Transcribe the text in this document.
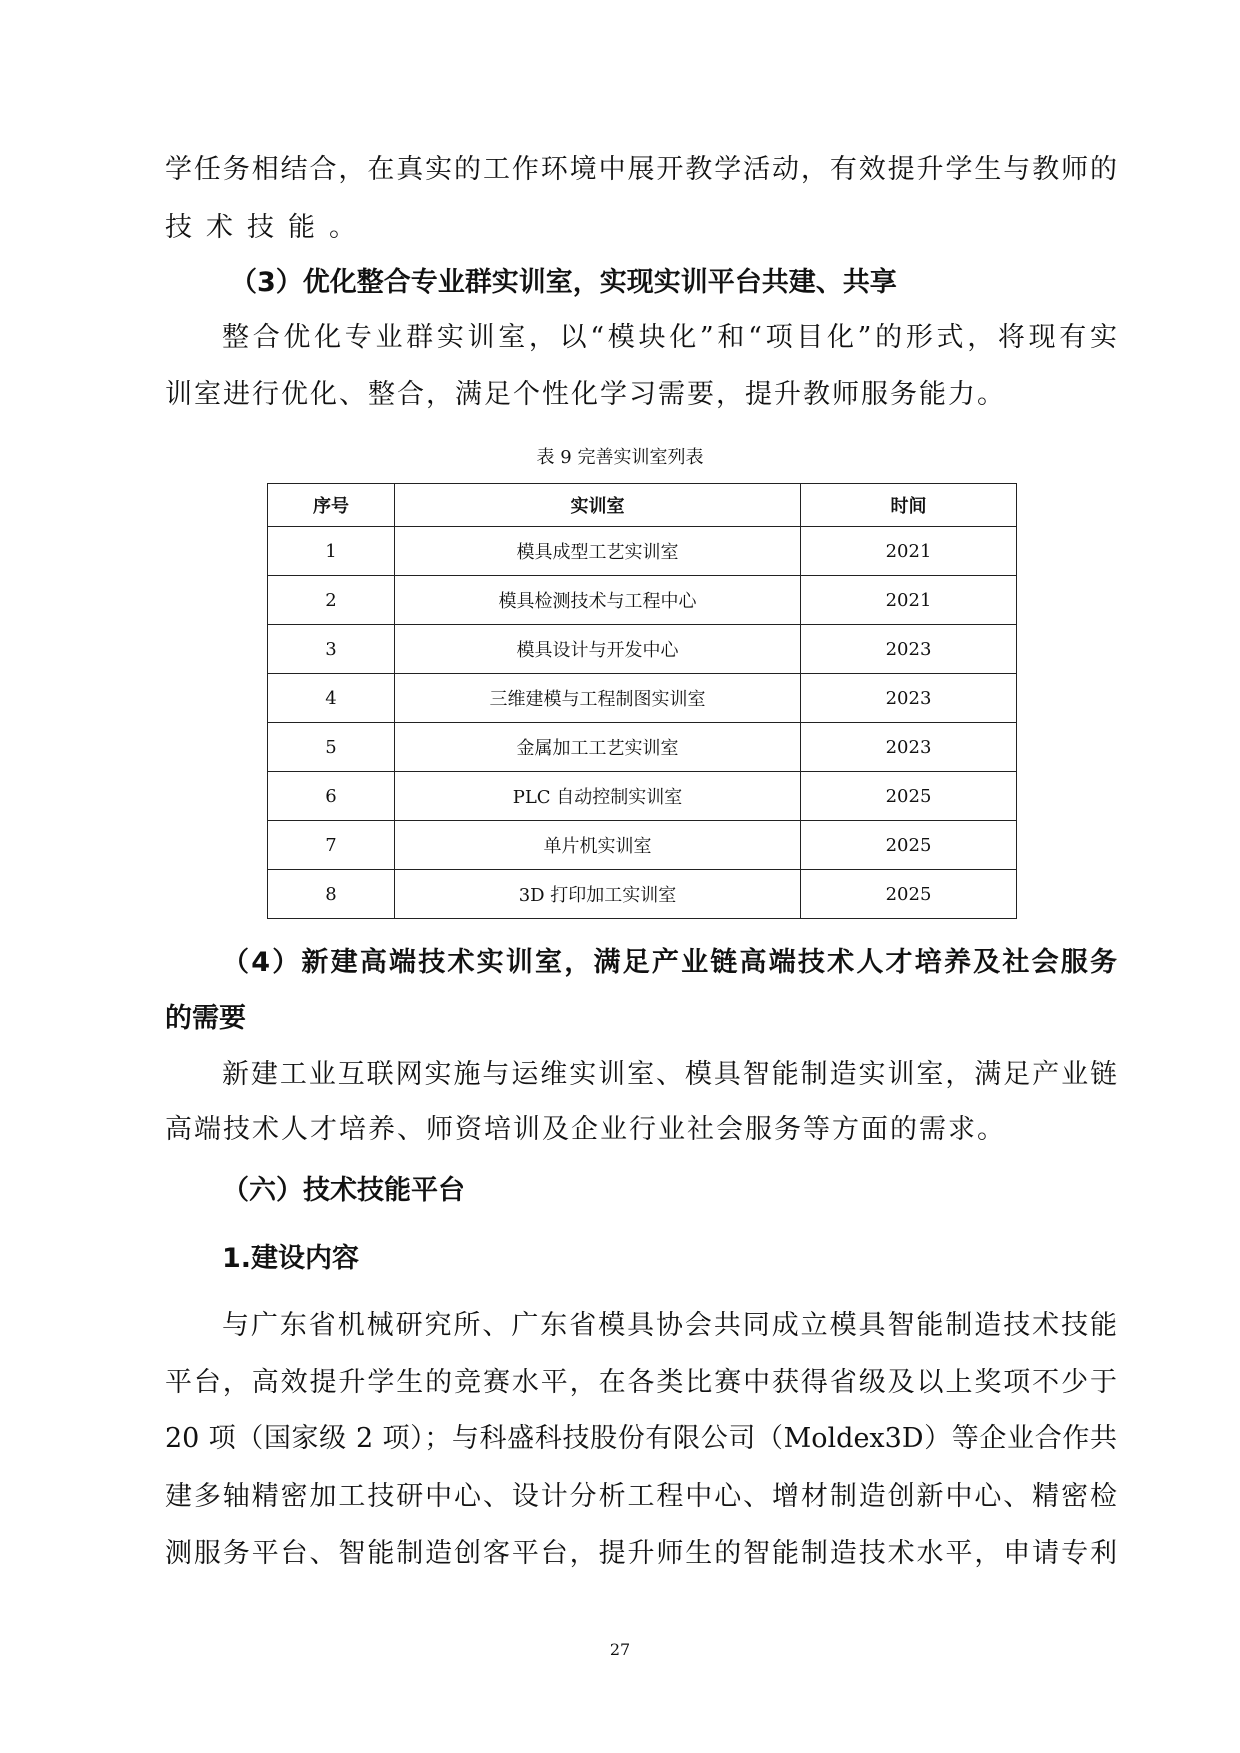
学任务相结合，在真实的工作环境中展开教学活动，有效提升学生与教师的
技术技能。
（3）优化整合专业群实训室，实现实训平台共建、共享
整合优化专业群实训室，以“模块化”和“项目化”的形式，将现有实
训室进行优化、整合，满足个性化学习需要，提升教师服务能力。
表 9 完善实训室列表
序号	实训室	时间
1	模具成型工艺实训室	2021
2	模具检测技术与工程中心	2021
3	模具设计与开发中心	2023
4	三维建模与工程制图实训室	2023
5	金属加工工艺实训室	2023
6	PLC 自动控制实训室	2025
7	单片机实训室	2025
8	3D 打印加工实训室	2025
（4）新建高端技术实训室，满足产业链高端技术人才培养及社会服务
的需要
新建工业互联网实施与运维实训室、模具智能制造实训室，满足产业链
高端技术人才培养、师资培训及企业行业社会服务等方面的需求。
（六）技术技能平台
1.建设内容
与广东省机械研究所、广东省模具协会共同成立模具智能制造技术技能
平台，高效提升学生的竞赛水平，在各类比赛中获得省级及以上奖项不少于
20 项（国家级 2 项）；与科盛科技股份有限公司（Moldex3D）等企业合作共
建多轴精密加工技研中心、设计分析工程中心、增材制造创新中心、精密检
测服务平台、智能制造创客平台，提升师生的智能制造技术水平，申请专利
27
